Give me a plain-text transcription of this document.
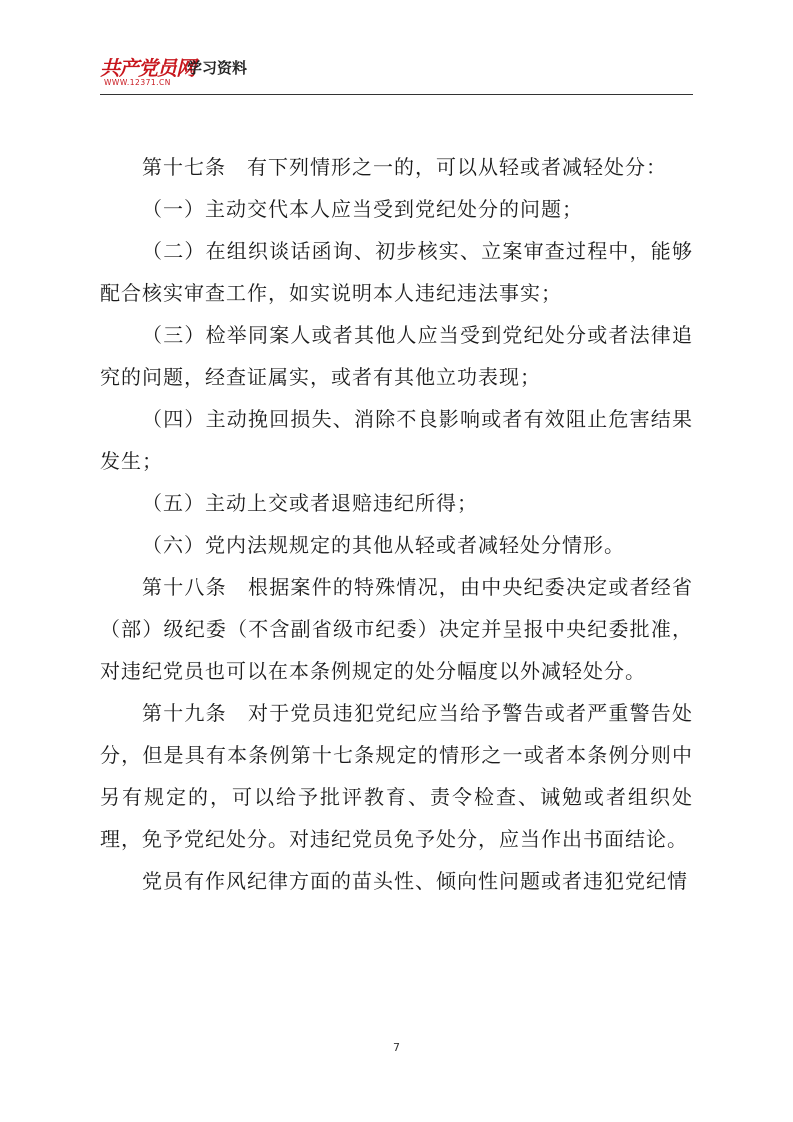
共产党员网
WWW.12371.CN
学习资料

第十七条　有下列情形之一的，可以从轻或者减轻处分：

（一）主动交代本人应当受到党纪处分的问题；

（二）在组织谈话函询、初步核实、立案审查过程中，能够配合核实审查工作，如实说明本人违纪违法事实；

（三）检举同案人或者其他人应当受到党纪处分或者法律追究的问题，经查证属实，或者有其他立功表现；

（四）主动挽回损失、消除不良影响或者有效阻止危害结果发生；

（五）主动上交或者退赔违纪所得；

（六）党内法规规定的其他从轻或者减轻处分情形。

第十八条　根据案件的特殊情况，由中央纪委决定或者经省（部）级纪委（不含副省级市纪委）决定并呈报中央纪委批准，对违纪党员也可以在本条例规定的处分幅度以外减轻处分。

第十九条　对于党员违犯党纪应当给予警告或者严重警告处分，但是具有本条例第十七条规定的情形之一或者本条例分则中另有规定的，可以给予批评教育、责令检查、诫勉或者组织处理，免予党纪处分。对违纪党员免予处分，应当作出书面结论。

党员有作风纪律方面的苗头性、倾向性问题或者违犯党纪情

7
